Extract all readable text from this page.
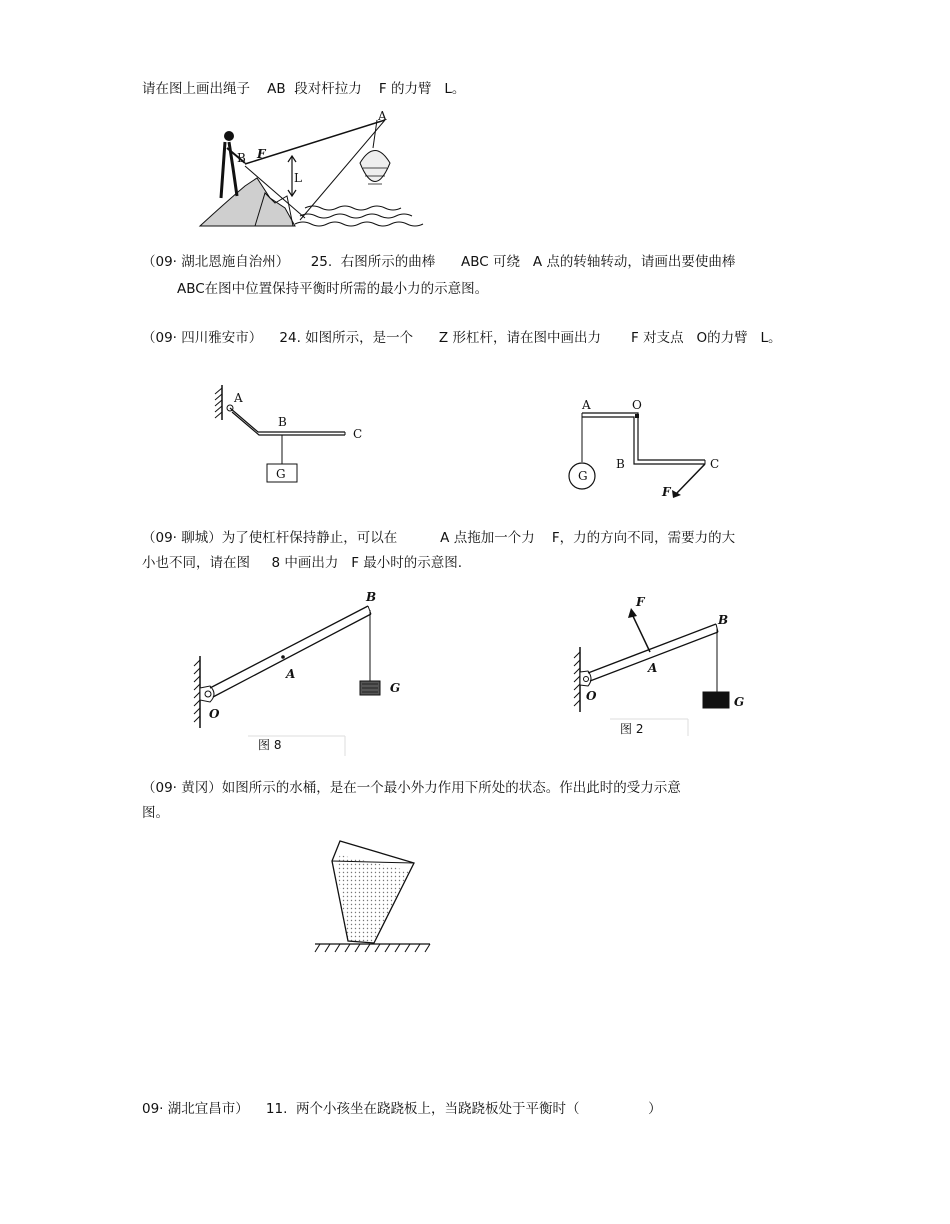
请在图上画出绳子    AB  段对杆拉力    F 的力臂   L。
A
B F
L
（09· 湖北恩施自治州）     25.  右图所示的曲棒      ABC 可绕   A 点的转轴转动，请画出要使曲棒
ABC在图中位置保持平衡时所需的最小力的示意图。
（09· 四川雅安市）    24. 如图所示，是一个      Z 形杠杆，请在图中画出力       F 对支点   O的力臂   L。
A
B
C
G
A	O
B	C
G
F
（09· 聊城）为了使杠杆保持静止，可以在          A 点拖加一个力    F，力的方向不同，需要力的大
小也不同，请在图     8 中画出力   F 最小时的示意图.
O
A
B
G
图 8
O
A
B
G
F
图 2
（09· 黄冈）如图所示的水桶，是在一个最小外力作用下所处的状态。作出此时的受力示意
图。
09· 湖北宜昌市）    11.  两个小孩坐在跷跷板上，当跷跷板处于平衡时（                ）
